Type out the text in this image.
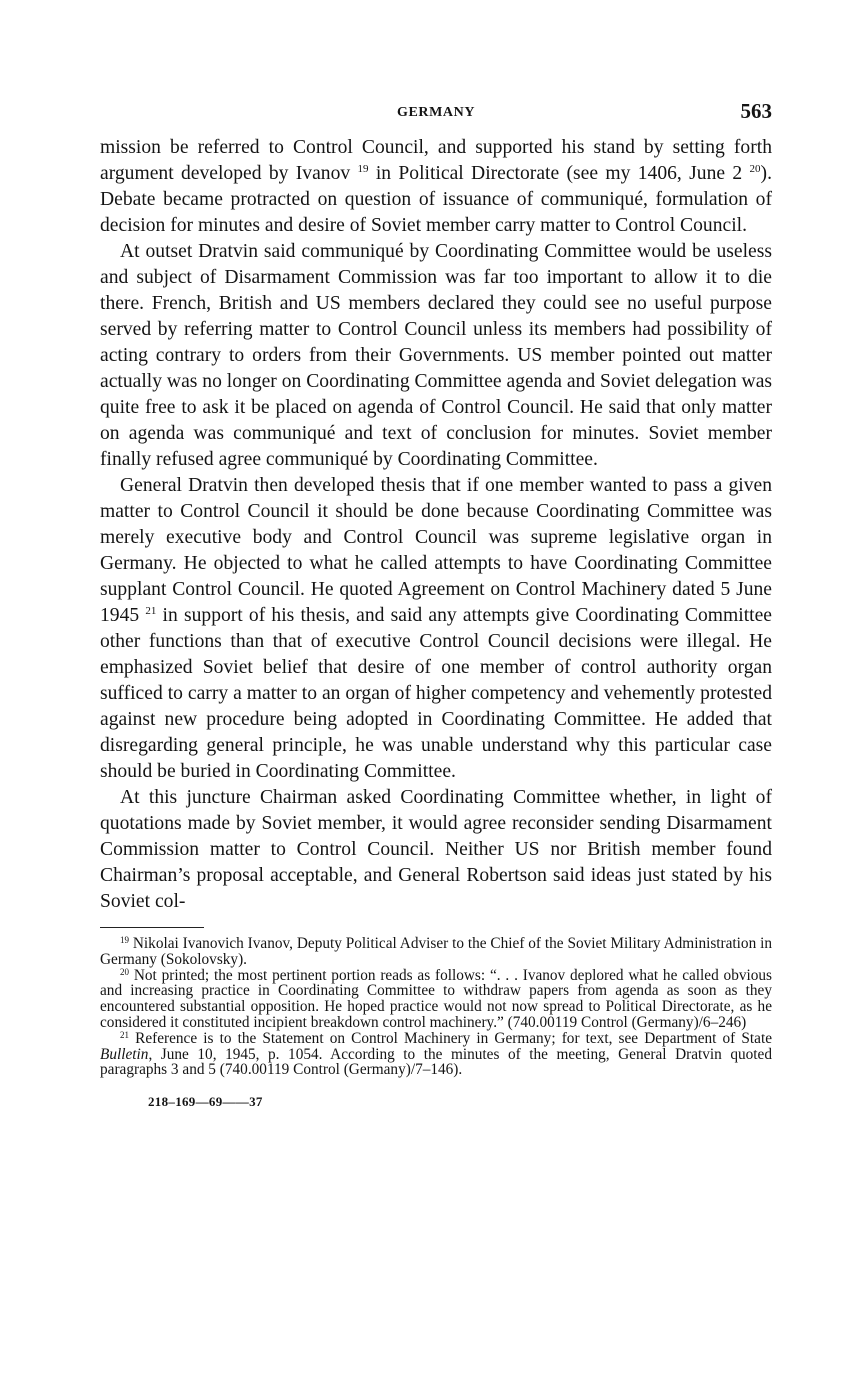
GERMANY	563

mission be referred to Control Council, and supported his stand by setting forth argument developed by Ivanov $^{19}$ in Political Directorate (see my 1406, June 2 $^{20}$). Debate became protracted on question of issuance of communiqué, formulation of decision for minutes and desire of Soviet member carry matter to Control Council.

At outset Dratvin said communiqué by Coordinating Committee would be useless and subject of Disarmament Commission was far too important to allow it to die there. French, British and US members declared they could see no useful purpose served by referring matter to Control Council unless its members had possibility of acting contrary to orders from their Governments. US member pointed out matter actually was no longer on Coordinating Committee agenda and Soviet delegation was quite free to ask it be placed on agenda of Control Council. He said that only matter on agenda was communiqué and text of conclusion for minutes. Soviet member finally refused agree communiqué by Coordinating Committee.

General Dratvin then developed thesis that if one member wanted to pass a given matter to Control Council it should be done because Coordinating Committee was merely executive body and Control Council was supreme legislative organ in Germany. He objected to what he called attempts to have Coordinating Committee supplant Control Council. He quoted Agreement on Control Machinery dated 5 June 1945 $^{21}$ in support of his thesis, and said any attempts give Coordinating Committee other functions than that of executive Control Council decisions were illegal. He emphasized Soviet belief that desire of one member of control authority organ sufficed to carry a matter to an organ of higher competency and vehemently protested against new procedure being adopted in Coordinating Committee. He added that disregarding general principle, he was unable understand why this particular case should be buried in Coordinating Committee.

At this juncture Chairman asked Coordinating Committee whether, in light of quotations made by Soviet member, it would agree reconsider sending Disarmament Commission matter to Control Council. Neither US nor British member found Chairman’s proposal acceptable, and General Robertson said ideas just stated by his Soviet col-

$^{19}$ Nikolai Ivanovich Ivanov, Deputy Political Adviser to the Chief of the Soviet Military Administration in Germany (Sokolovsky).

$^{20}$ Not printed; the most pertinent portion reads as follows: “. . . Ivanov deplored what he called obvious and increasing practice in Coordinating Committee to withdraw papers from agenda as soon as they encountered substantial opposition. He hoped practice would not now spread to Political Directorate, as he considered it constituted incipient breakdown control machinery.” (740.00119 Control (Germany)/6–246)

$^{21}$ Reference is to the Statement on Control Machinery in Germany; for text, see Department of State Bulletin, June 10, 1945, p. 1054. According to the minutes of the meeting, General Dratvin quoted paragraphs 3 and 5 (740.00119 Control (Germany)/7–146).

218–169—69——37
